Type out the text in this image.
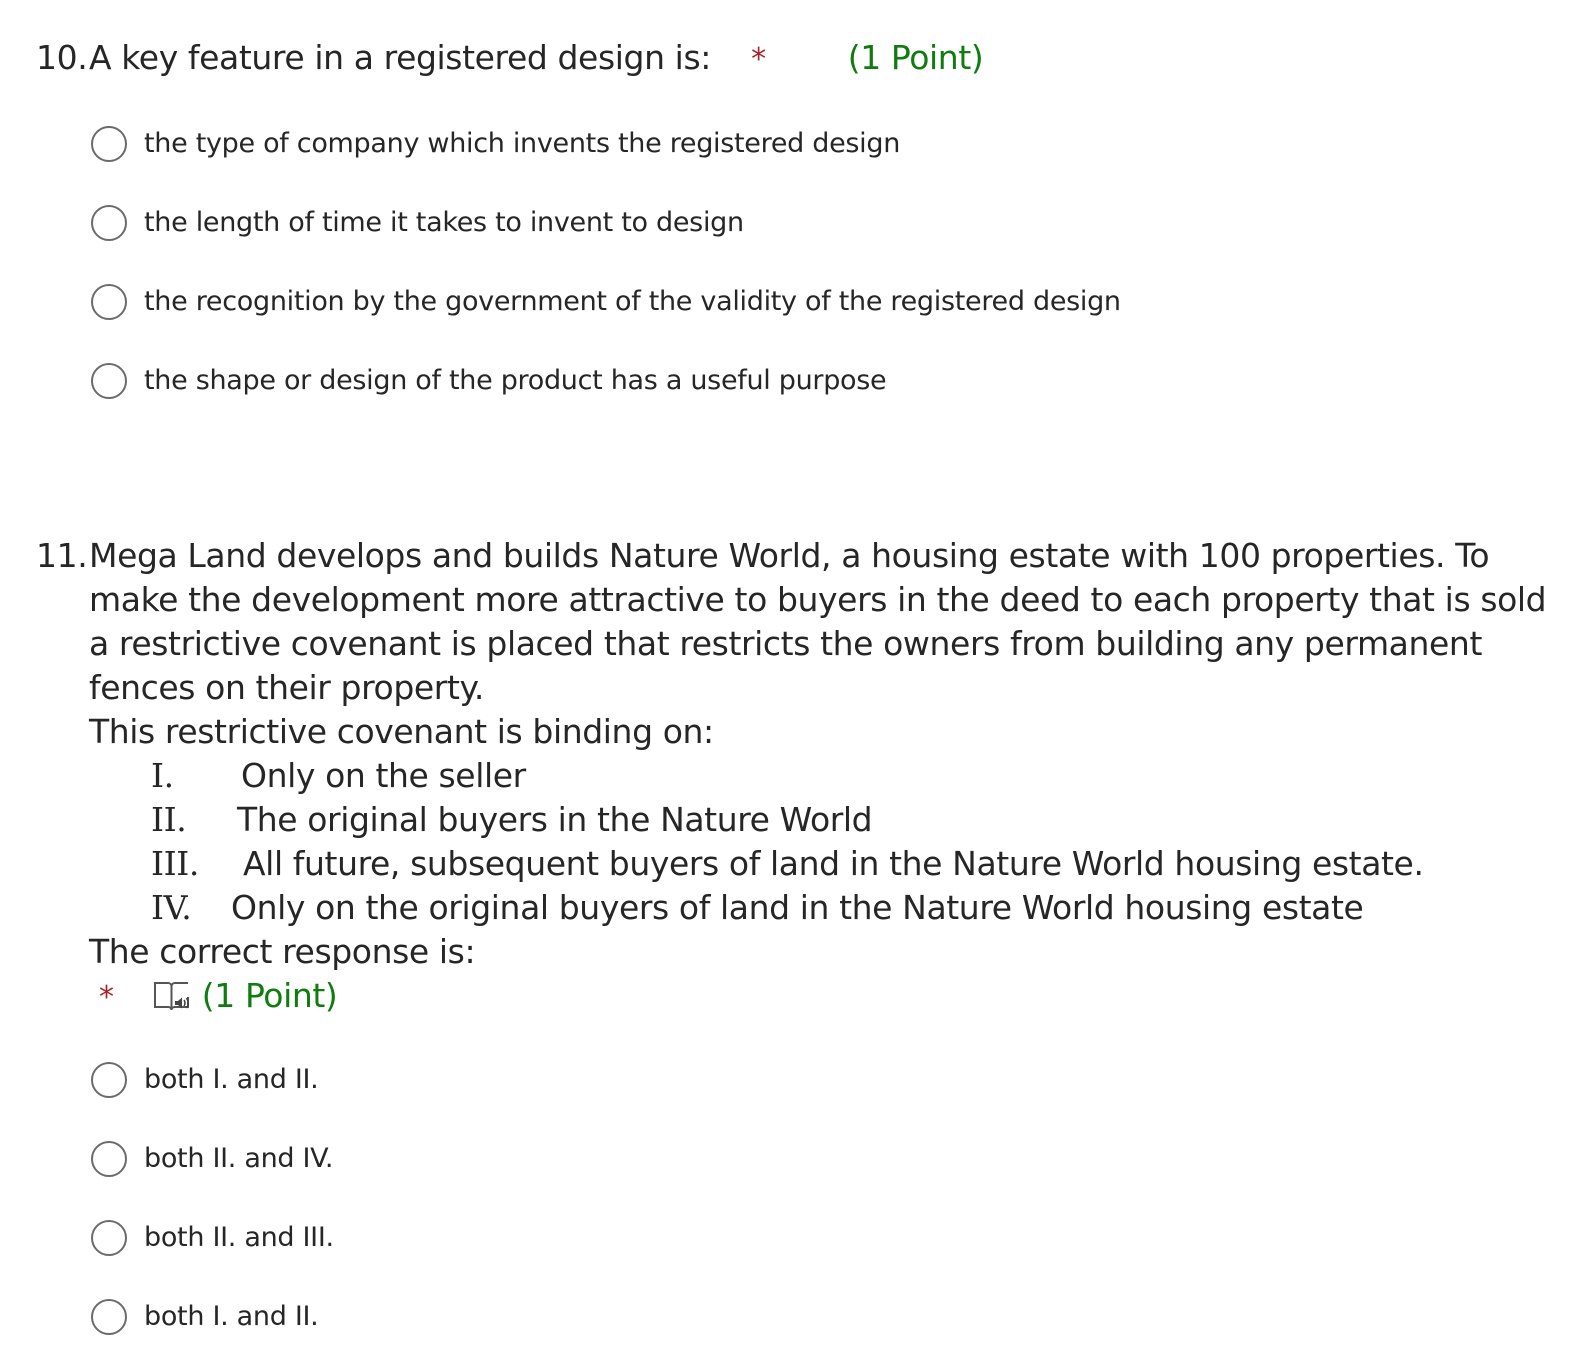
10. A key feature in a registered design is: * (1 Point)
the type of company which invents the registered design
the length of time it takes to invent to design
the recognition by the government of the validity of the registered design
the shape or design of the product has a useful purpose
11. Mega Land develops and builds Nature World, a housing estate with 100 properties. To make the development more attractive to buyers in the deed to each property that is sold a restrictive covenant is placed that restricts the owners from building any permanent fences on their property.

This restrictive covenant is binding on:

I.	Only on the seller
II.	The original buyers in the Nature World
III.	All future, subsequent buyers of land in the Nature World housing estate.
IV.	Only on the original buyers of land in the Nature World housing estate

The correct response is:

*	(1 Point)

both I. and II.
both II. and IV.
both II. and III.
both I. and II.
